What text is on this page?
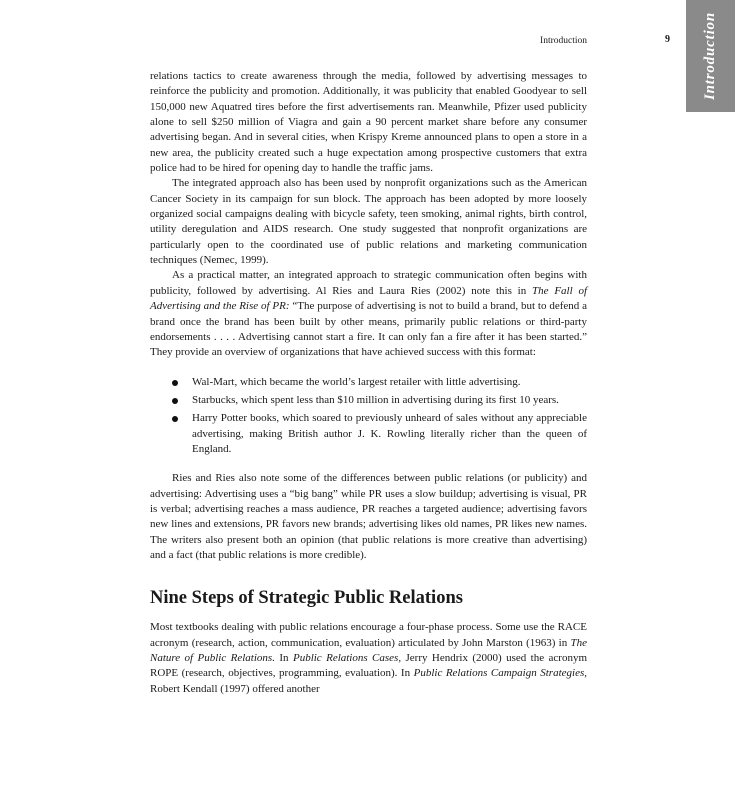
Introduction
Introduction	9

relations tactics to create awareness through the media, followed by advertising messages to reinforce the publicity and promotion. Additionally, it was publicity that enabled Goodyear to sell 150,000 new Aquatred tires before the first advertisements ran. Meanwhile, Pfizer used publicity alone to sell $250 million of Viagra and gain a 90 percent market share before any consumer advertising began. And in several cities, when Krispy Kreme announced plans to open a store in a new area, the publicity created such a huge expectation among prospective customers that extra police had to be hired for opening day to handle the traffic jams.

The integrated approach also has been used by nonprofit organizations such as the American Cancer Society in its campaign for sun block. The approach has been adopted by more loosely organized social campaigns dealing with bicycle safety, teen smoking, animal rights, birth control, utility deregulation and AIDS research. One study suggested that nonprofit organizations are particularly open to the coordinated use of public relations and marketing communication techniques (Nemec, 1999).

As a practical matter, an integrated approach to strategic communication often begins with publicity, followed by advertising. Al Ries and Laura Ries (2002) note this in The Fall of Advertising and the Rise of PR: “The purpose of advertising is not to build a brand, but to defend a brand once the brand has been built by other means, primarily public relations or third-party endorsements . . . . Advertising cannot start a fire. It can only fan a fire after it has been started.” They provide an overview of organizations that have achieved success with this format:

Wal-Mart, which became the world’s largest retailer with little advertising.
Starbucks, which spent less than $10 million in advertising during its first 10 years.
Harry Potter books, which soared to previously unheard of sales without any appreciable advertising, making British author J. K. Rowling literally richer than the queen of England.

Ries and Ries also note some of the differences between public relations (or publicity) and advertising: Advertising uses a “big bang” while PR uses a slow buildup; advertising is visual, PR is verbal; advertising reaches a mass audience, PR reaches a targeted audience; advertising favors new lines and extensions, PR favors new brands; advertising likes old names, PR likes new names. The writers also present both an opinion (that public relations is more creative than advertising) and a fact (that public relations is more credible).

Nine Steps of Strategic Public Relations

Most textbooks dealing with public relations encourage a four-phase process. Some use the RACE acronym (research, action, communication, evaluation) articulated by John Marston (1963) in The Nature of Public Relations. In Public Relations Cases, Jerry Hendrix (2000) used the acronym ROPE (research, objectives, programming, evaluation). In Public Relations Campaign Strategies, Robert Kendall (1997) offered another
